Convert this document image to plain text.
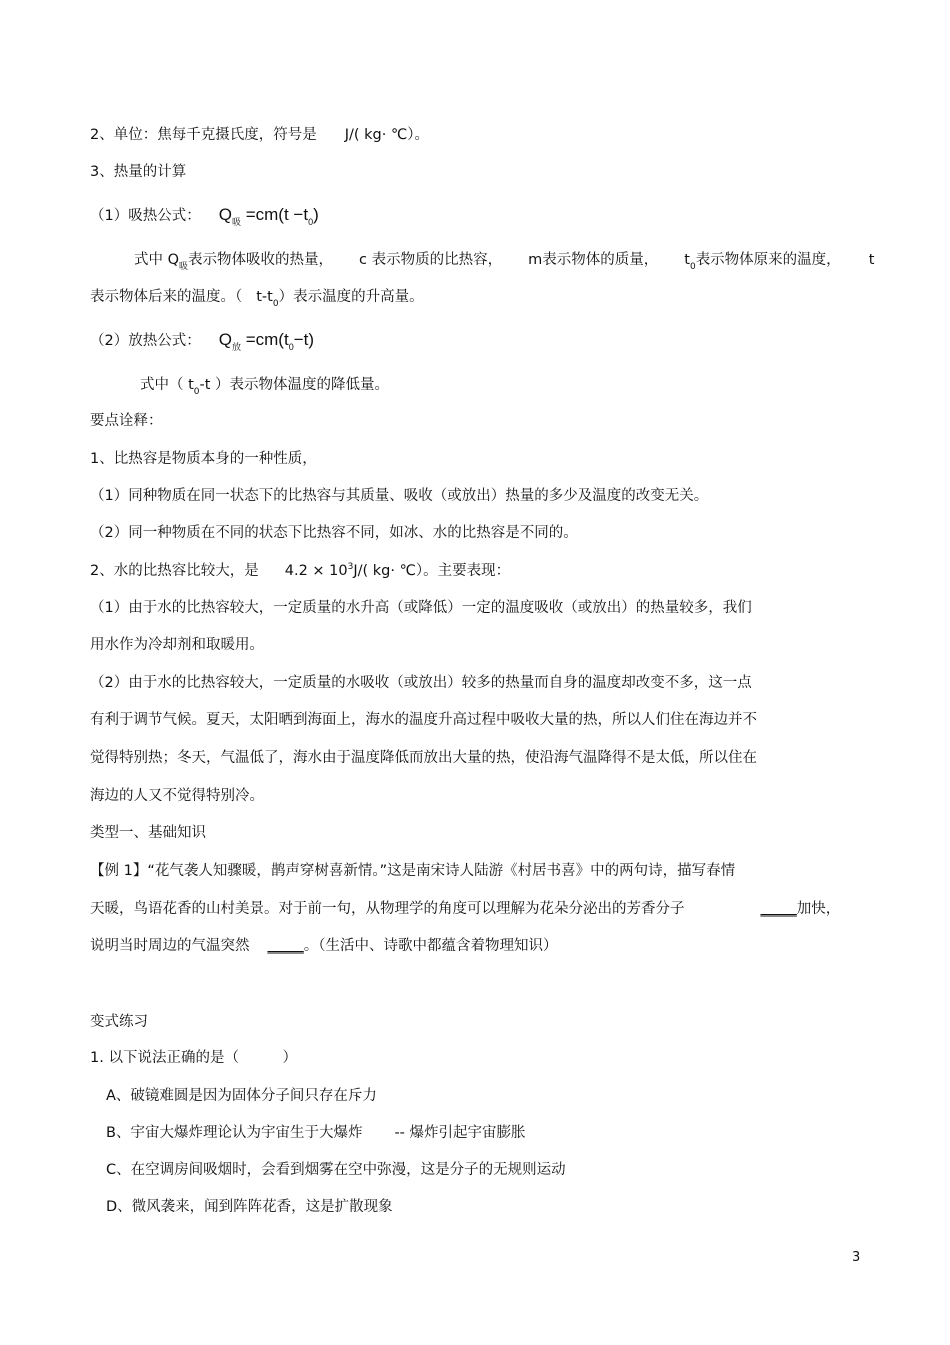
2、单位：焦每千克摄氏度，符号是 J/( kg· ℃）。
3、热量的计算
（1）吸热公式： $Q_吸 =cm(t -t_0)$
式中 $Q_吸$表示物体吸收的热量， c 表示物质的比热容， m表示物体的质量， $t_0$表示物体原来的温度， t
表示物体后来的温度。（ $t-t_0$）表示温度的升高量。
（2）放热公式： $Q_放 =cm(t_0-t)$
式中（ $t_0-t$ ）表示物体温度的降低量。
要点诠释：
1、比热容是物质本身的一种性质，
（1）同种物质在同一状态下的比热容与其质量、吸收（或放出）热量的多少及温度的改变无关。
（2）同一种物质在不同的状态下比热容不同，如冰、水的比热容是不同的。
2、水的比热容比较大，是 $4.2 \times 10^3J/$( kg· ℃）。主要表现：
（1）由于水的比热容较大，一定质量的水升高（或降低）一定的温度吸收（或放出）的热量较多，我们
用水作为冷却剂和取暖用。
（2）由于水的比热容较大，一定质量的水吸收（或放出）较多的热量而自身的温度却改变不多，这一点
有利于调节气候。夏天，太阳晒到海面上，海水的温度升高过程中吸收大量的热，所以人们住在海边并不
觉得特别热；冬天，气温低了，海水由于温度降低而放出大量的热，使沿海气温降得不是太低，所以住在
海边的人又不觉得特别冷。
类型一、基础知识
【例 1】“花气袭人知骤暖，鹊声穿树喜新情。”这是南宋诗人陆游《村居书喜》中的两句诗，描写春情
天暖，鸟语花香的山村美景。对于前一句，从物理学的角度可以理解为花朵分泌出的芳香分子	_____加快，
说明当时周边的气温突然 _____。（生活中、诗歌中都蕴含着物理知识）
变式练习
1. 以下说法正确的是（　　　）
A、破镜难圆是因为固体分子间只存在斥力
B、宇宙大爆炸理论认为宇宙生于大爆炸 -- 爆炸引起宇宙膨胀
C、在空调房间吸烟时，会看到烟雾在空中弥漫，这是分子的无规则运动
D、微风袭来，闻到阵阵花香，这是扩散现象
3
